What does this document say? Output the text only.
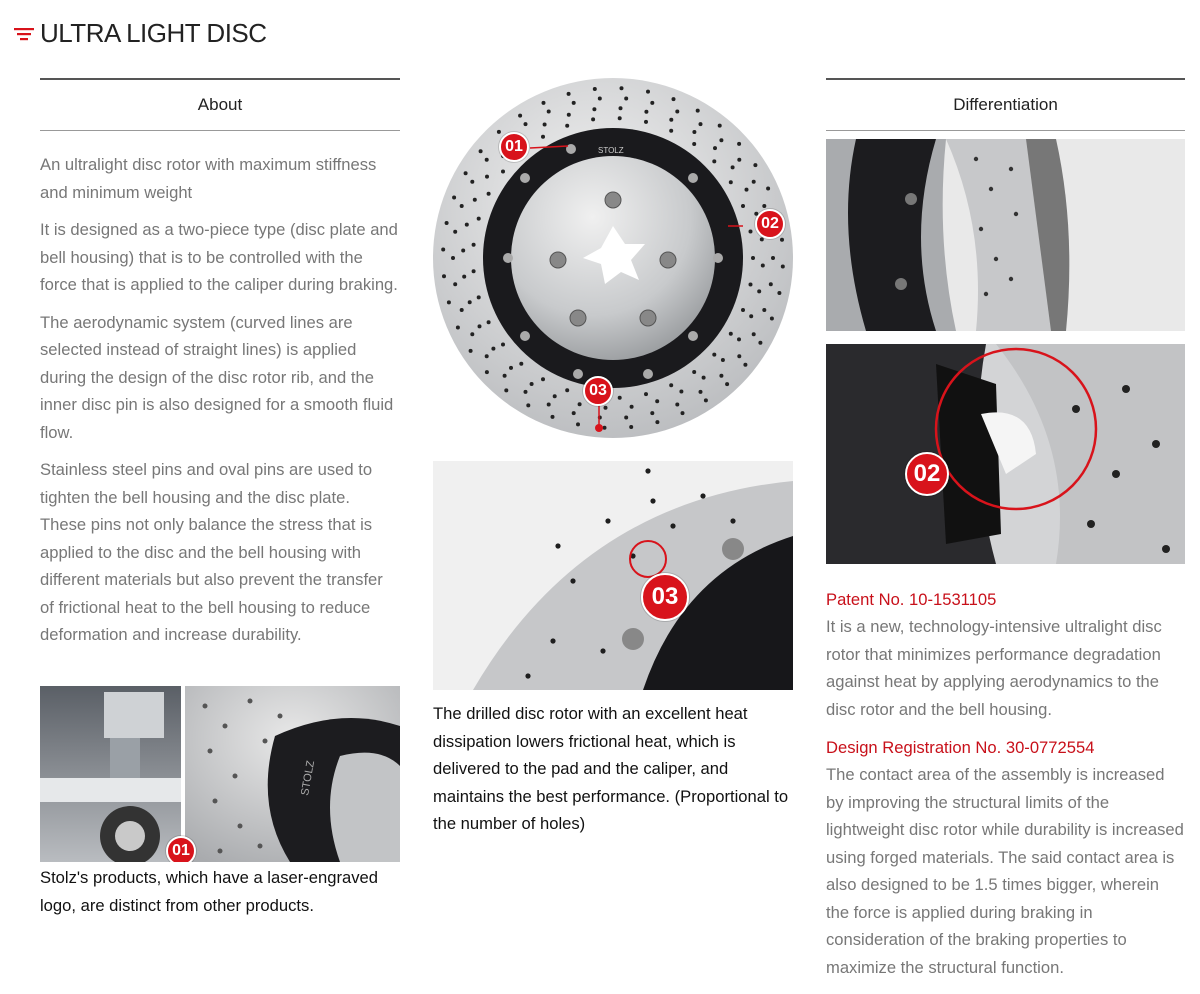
ULTRA LIGHT DISC
About

An ultralight disc rotor with maximum stiffness and minimum weight

It is designed as a two-piece type (disc plate and bell housing) that is to be controlled with the force that is applied to the caliper during braking.

The aerodynamic system (curved lines are selected instead of straight lines) is applied during the design of the disc rotor rib, and the inner disc pin is also designed for a smooth fluid flow.

Stainless steel pins and oval pins are used to tighten the bell housing and the disc plate. These pins not only balance the stress that is applied to the disc and the bell housing with different materials but also prevent the transfer of frictional heat to the bell housing to reduce deformation and increase durability.

STOLZ
01
Stolz's products, which have a laser-engraved logo, are distinct from other products.
STOLZ
01
02
03
03
The drilled disc rotor with an excellent heat dissipation lowers frictional heat, which is delivered to the pad and the caliper, and maintains the best performance. (Proportional to the number of holes)
Differentiation
02
Patent No. 10-1531105
It is a new, technology-intensive ultralight disc rotor that minimizes performance degradation against heat by applying aerodynamics to the disc rotor and the bell housing.
Design Registration No. 30-0772554
The contact area of the assembly is increased by improving the structural limits of the lightweight disc rotor while durability is increased using forged materials. The said contact area is also designed to be 1.5 times bigger, wherein the force is applied during braking in consideration of the braking properties to maximize the structural function.
